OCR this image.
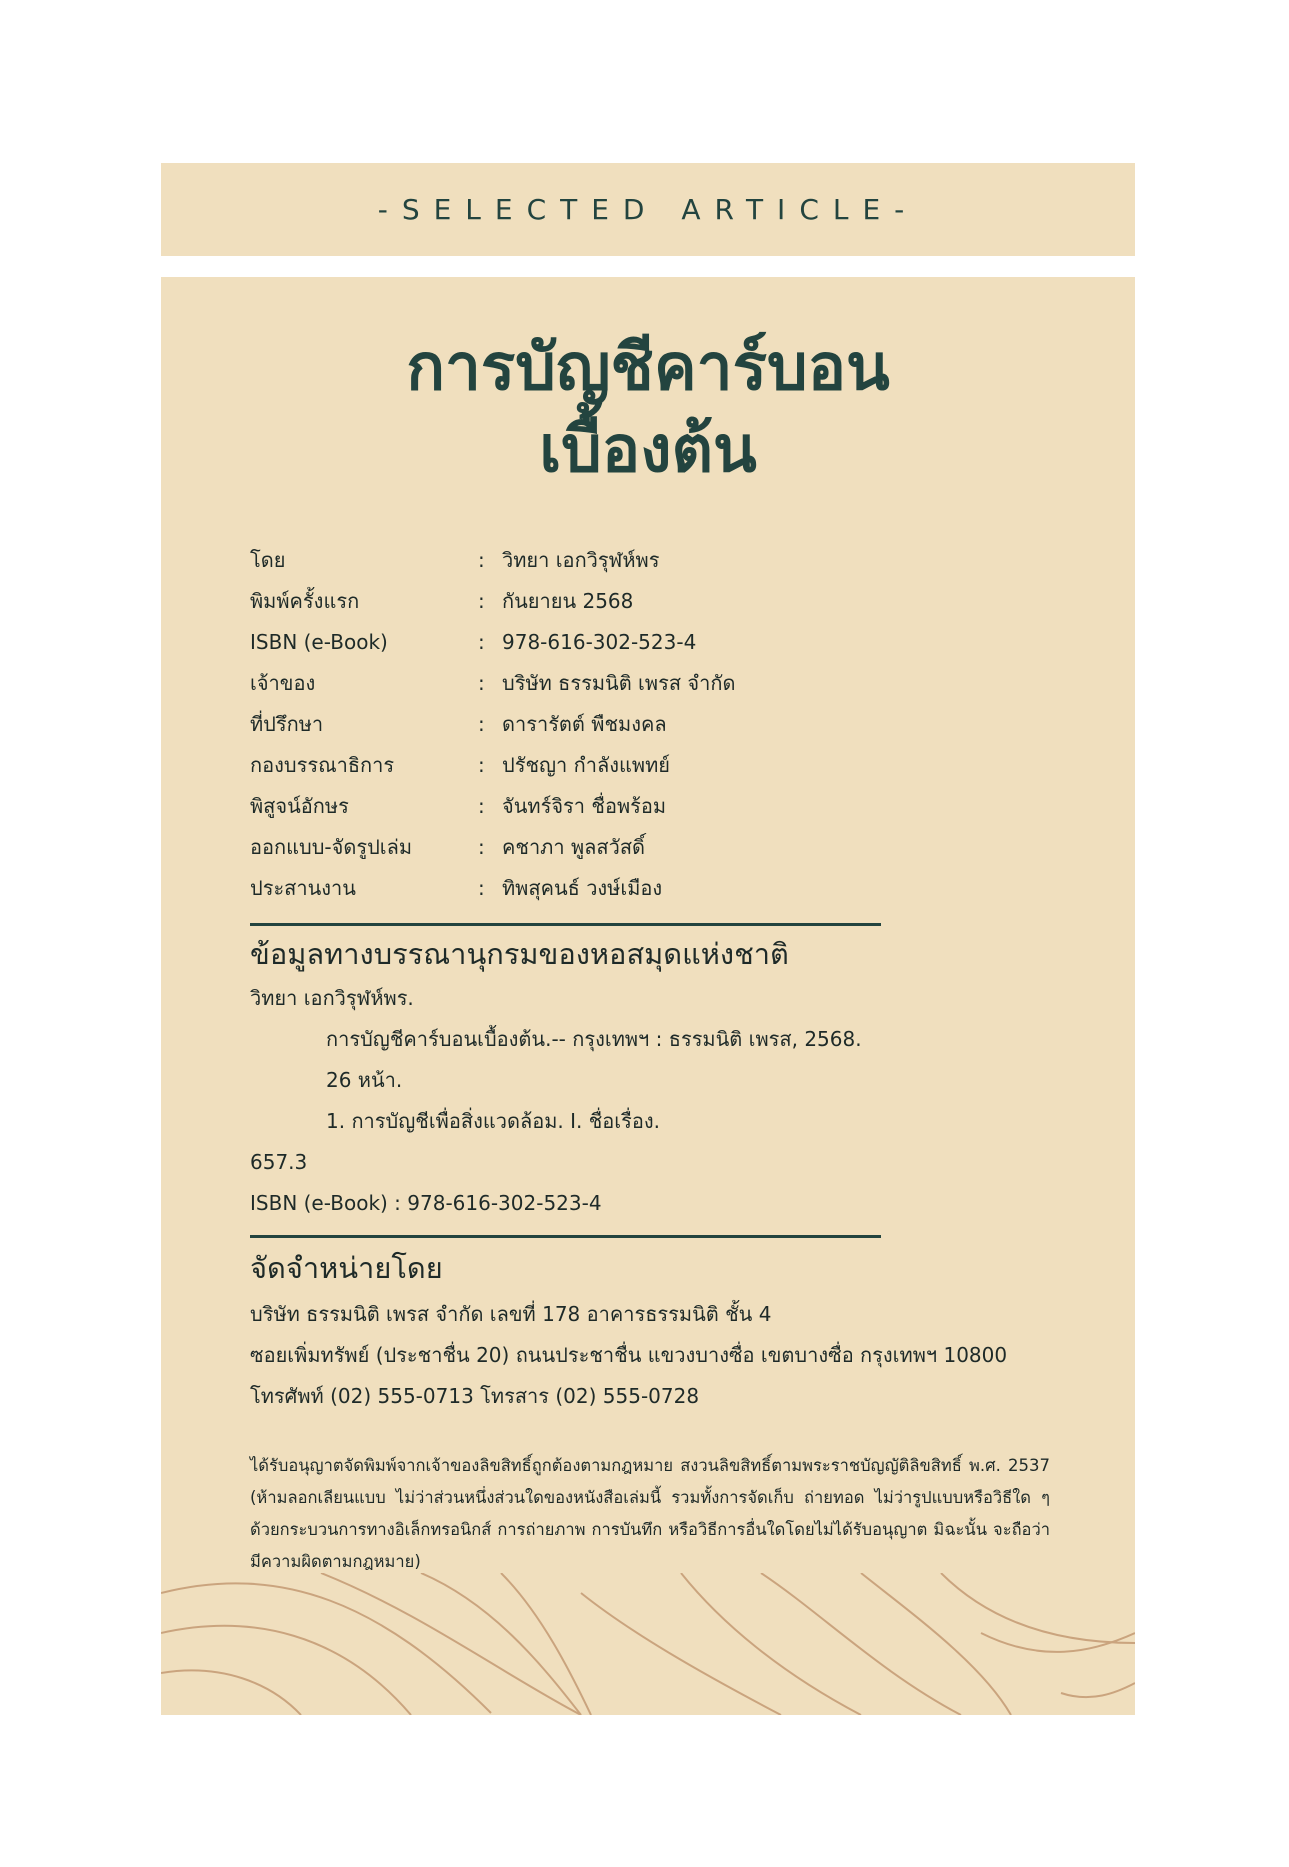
-SELECTED ARTICLE-
การบัญชีคาร์บอน
เบื้องต้น
โดย	: วิทยา เอกวิรุฬห์พร
พิมพ์ครั้งแรก	: กันยายน 2568
ISBN (e-Book)	: 978-616-302-523-4
เจ้าของ	: บริษัท ธรรมนิติ เพรส จำกัด
ที่ปรึกษา	: ดารารัตต์ พืชมงคล
กองบรรณาธิการ	: ปรัชญา กำลังแพทย์
พิสูจน์อักษร	: จันทร์จิรา ชื่อพร้อม
ออกแบบ-จัดรูปเล่ม	: คชาภา พูลสวัสดิ์
ประสานงาน	: ทิพสุคนธ์ วงษ์เมือง
ข้อมูลทางบรรณานุกรมของหอสมุดแห่งชาติ
วิทยา เอกวิรุฬห์พร.
การบัญชีคาร์บอนเบื้องต้น.-- กรุงเทพฯ : ธรรมนิติ เพรส, 2568.
26 หน้า.
1. การบัญชีเพื่อสิ่งแวดล้อม. I. ชื่อเรื่อง.
657.3
ISBN (e-Book) : 978-616-302-523-4
จัดจำหน่ายโดย
บริษัท ธรรมนิติ เพรส จำกัด เลขที่ 178 อาคารธรรมนิติ ชั้น 4
ซอยเพิ่มทรัพย์ (ประชาชื่น 20) ถนนประชาชื่น แขวงบางซื่อ เขตบางซื่อ กรุงเทพฯ 10800
โทรศัพท์ (02) 555-0713 โทรสาร (02) 555-0728
ได้รับอนุญาตจัดพิมพ์จากเจ้าของลิขสิทธิ์ถูกต้องตามกฎหมาย สงวนลิขสิทธิ์ตามพระราชบัญญัติลิขสิทธิ์ พ.ศ. 2537 (ห้ามลอกเลียนแบบ ไม่ว่าส่วนหนึ่งส่วนใดของหนังสือเล่มนี้ รวมทั้งการจัดเก็บ ถ่ายทอด ไม่ว่ารูปแบบหรือวิธีใด ๆ ด้วยกระบวนการทางอิเล็กทรอนิกส์ การถ่ายภาพ การบันทึก หรือวิธีการอื่นใดโดยไม่ได้รับอนุญาต มิฉะนั้น จะถือว่ามีความผิดตามกฎหมาย)
